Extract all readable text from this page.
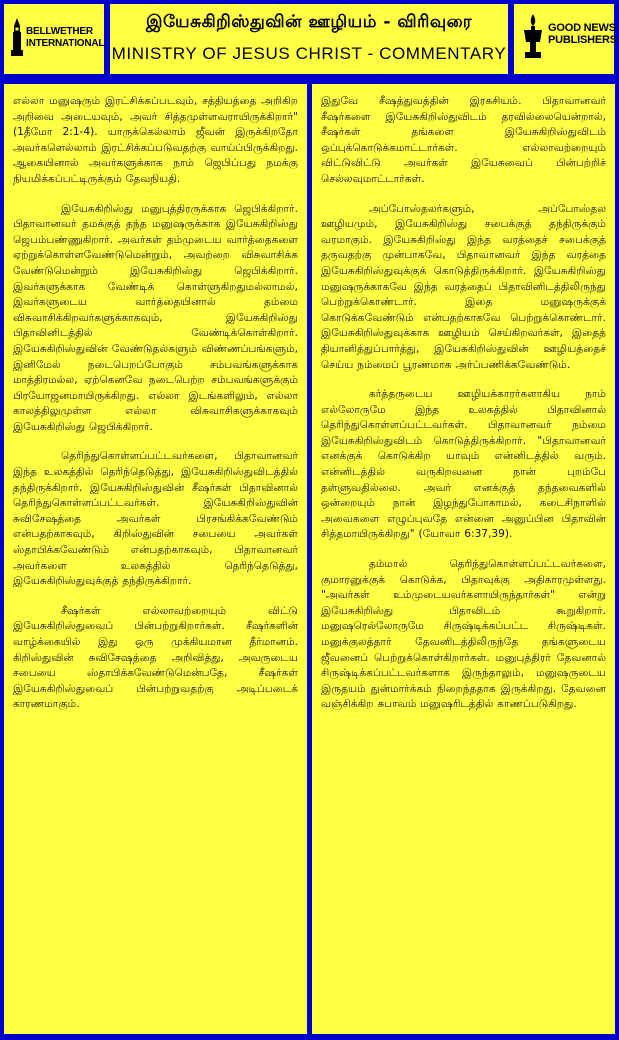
BELLWETHER
INTERNATIONAL
இயேசுகிறிஸ்துவின் ஊழியம் - விரிவுரை
MINISTRY OF JESUS CHRIST - COMMENTARY
GOOD NEWS
PUBLISHERS

எல்லா மனுஷரும் இரட்சிக்கப்படவும், சத்தியத்தை அறிகிற அறிவை அடையவும், அவர் சித்தமுள்ளவராயிருக்கிறார்" (1தீமோ 2:1-4). யாருக்கெல்லாம் ஜீவன் இருக்கிறதோ அவர்களெல்லாம் இரட்சிக்கப்படுவதற்கு வாய்ப்பிருக்கிறது. ஆகையினால் அவர்களுக்காக நாம் ஜெபிப்பது நமக்கு நியமிக்கப்பட்டிருக்கும் தேவநியதி.

இயேசுகிறிஸ்து மனுபுத்திரருக்காக ஜெபிக்கிறார். பிதாவானவர் தமக்குத் தந்த மனுஷருக்காக இயேசுகிறிஸ்து ஜெபம்பண்ணுகிறார். அவர்கள் தம்முடைய வார்த்தைகளை ஏற்றுக்கொள்ளவேண்டுமென்றும், அவற்றை விசுவாசிக்க வேண்டுமென்றும் இயேசுகிறிஸ்து ஜெபிக்கிறார். இவர்களுக்காக வேண்டிக் கொள்ளுகிறதுமல்லாமல், இவர்களுடைய வார்த்தையினால் தம்மை விசுவாசிக்கிறவர்களுக்காகவும், இயேசுகிறிஸ்து பிதாவினிடத்தில் வேண்டிக்கொள்கிறார். இயேசுகிறிஸ்துவின் வேண்டுதல்களும் விண்ணப்பங்களும், இனிமேல் நடைபெறப்போகும் சம்பவங்களுக்காக மாத்திரமல்ல, ஏற்கெனவே நடைபெற்ற சம்பவங்களுக்கும் பிரயோஜனமாயிருக்கிறது. எல்லா இடங்களிலும், எல்லா காலத்திலுமுள்ள எல்லா விசுவாசிகளுக்காகவும் இயேசுகிறிஸ்து ஜெபிக்கிறார்.

தெரிந்துகொள்ளப்பட்டவர்களை, பிதாவானவர் இந்த உலகத்தில் தெரிந்தெடுத்து, இயேசுகிறிஸ்துவிடத்தில் தந்திருக்கிறார். இயேசுகிறிஸ்துவின் சீஷர்கள் பிதாவினால் தெரிந்துகொள்ளப்பட்டவர்கள். இயேசுகிறிஸ்துவின் சுவிசேஷத்தை அவர்கள் பிரசங்கிக்கவேண்டும் என்பதற்காகவும், கிறிஸ்துவின் சபையை அவர்கள் ஸ்தாபிக்கவேண்டும் என்பதற்காகவும், பிதாவானவர் அவர்களை உலகத்தில் தெரிந்தெடுத்து, இயேசுகிறிஸ்துவுக்குத் தந்திருக்கிறார்.

சீஷர்கள் எல்லாவற்றையும் விட்டு இயேசுகிறிஸ்துவைப் பின்பற்றுகிறார்கள். சீஷர்களின் வாழ்க்கையில் இது ஒரு முக்கியமான தீர்மானம். கிறிஸ்துவின் சுவிசேஷத்தை அறிவித்து, அவருடைய சபையை ஸ்தாபிக்கவேண்டுமென்பதே, சீஷர்கள் இயேசுகிறிஸ்துவைப் பின்பற்றுவதற்கு அடிப்படைக் காரணமாகும்.

இதுவே சீஷத்துவத்தின் இரகசியம். பிதாவானவர் சீஷர்களை இயேசுகிறிஸ்துவிடம் தரவில்லையென்றால், சீஷர்கள் தங்களை இயேசுகிறிஸ்துவிடம் ஒப்புக்கொடுக்கமாட்டார்கள். எல்லாவற்றையும் விட்டுவிட்டு அவர்கள் இயேசுவைப் பின்பற்றிச் செல்லவுமாட்டார்கள்.

அப்போஸ்தலர்களும், அப்போஸ்தல ஊழியமும், இயேசுகிறிஸ்து சபைக்குத் தந்திருக்கும் வரமாகும். இயேசுகிறிஸ்து இந்த வரத்தைச் சபைக்குத் தருவதற்கு முன்பாகவே, பிதாவானவர் இந்த வரத்தை இயேசுகிறிஸ்துவுக்குக் கொடுத்திருக்கிறார். இயேசுகிறிஸ்து மனுஷருக்காகவே இந்த வரத்தைப் பிதாவினிடத்திலிருந்து பெற்றுக்கொண்டார். இதை மனுஷருக்குக் கொடுக்கவேண்டும் என்பதற்காகவே பெற்றுக்கொண்டார். இயேசுகிறிஸ்துவுக்காக ஊழியம் செய்கிறவர்கள், இதைத் தியானித்துப்பார்த்து, இயேசுகிறிஸ்துவின் ஊழியத்தைச் செய்ய நம்மைப் பூரணமாக அர்ப்பணிக்கவேண்டும்.

கர்த்தருடைய ஊழியக்காரர்களாகிய நாம் எல்லோருமே இந்த உலகத்தில் பிதாவினால் தெரிந்துகொள்ளப்பட்டவர்கள். பிதாவானவர் நம்மை இயேசுகிறிஸ்துவிடம் கொடுத்திருக்கிறார். "பிதாவானவர் எனக்குக் கொடுக்கிற யாவும் என்னிடத்தில் வரும். என்னிடத்தில் வருகிறவனை நான் புறம்பே தள்ளுவதில்லை. அவர் எனக்குத் தந்தவைகளில் ஒன்றையும் நான் இழந்துபோகாமல், கடைசிநாளில் அவைகளை எழுப்புவதே என்னை அனுப்பின பிதாவின் சித்தமாயிருக்கிறது" (யோவா 6:37,39).

தம்மால் தெரிந்துகொள்ளப்பட்டவர்களை, குமாரனுக்குக் கொடுக்க, பிதாவுக்கு அதிகாரமுள்ளது. "அவர்கள் உம்முடையவர்களாயிருந்தார்கள்" என்று இயேசுகிறிஸ்து பிதாவிடம் கூறுகிறார். மனுஷரெல்லோருமே சிருஷ்டிக்கப்பட்ட சிருஷ்டிகள். மனுக்குலத்தார் தேவனிடத்திலிருந்தே தங்களுடைய ஜீவனைப் பெற்றுக்கொள்கிறார்கள். மனுபுத்திரர் தேவனால் சிருஷ்டிக்கப்பட்டவர்களாக இருந்தாலும், மனுஷருடைய இருதயம் துன்மார்க்கம் நிறைந்ததாக இருக்கிறது. தேவனை வஞ்சிக்கிற சுபாவம் மனுஷரிடத்தில் காணப்படுகிறது.
